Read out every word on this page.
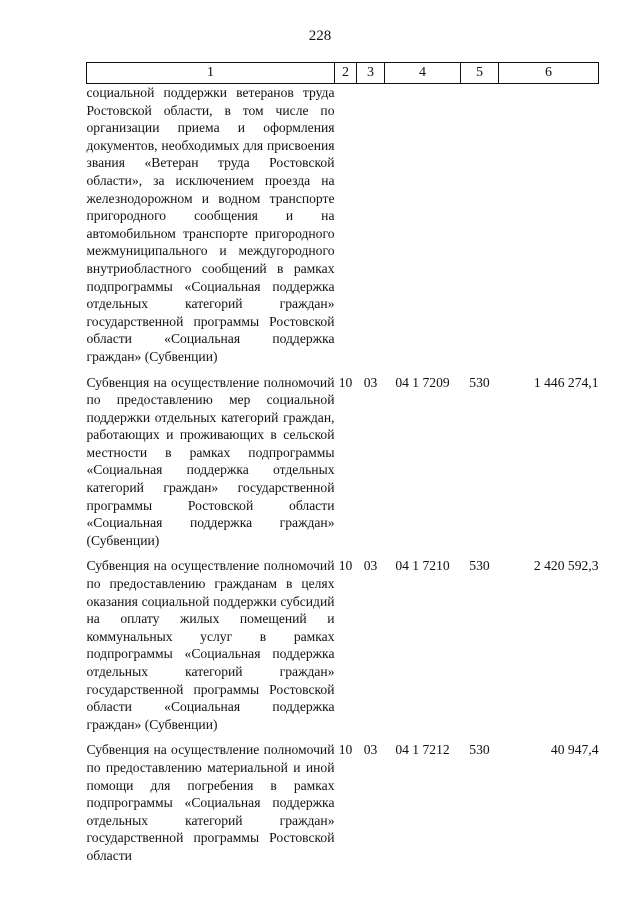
228
1	2	3	4	5	6
социальной поддержки ветеранов труда Ростовской области, в том числе по организации приема и оформления документов, необходимых для присвоения звания «Ветеран труда Ростовской области», за исключением проезда на железнодорожном и водном транспорте пригородного сообщения и на автомобильном транспорте пригородного межмуниципального и междугородного внутриобластного сообщений в рамках подпрограммы «Социальная поддержка отдельных категорий граждан» государственной программы Ростовской области «Социальная поддержка граждан» (Субвенции)					

Субвенция на осуществление полномочий по предоставлению мер социальной поддержки отдельных категорий граждан, работающих и проживающих в сельской местности в рамках подпрограммы «Социальная поддержка отдельных категорий граждан» государственной программы Ростовской области «Социальная поддержка граждан» (Субвенции)	10	03	04 1 7209	530	1 446 274,1

Субвенция на осуществление полномочий по предоставлению гражданам в целях оказания социальной поддержки субсидий на оплату жилых помещений и коммунальных услуг в рамках подпрограммы «Социальная поддержка отдельных категорий граждан» государственной программы Ростовской области «Социальная поддержка граждан» (Субвенции)	10	03	04 1 7210	530	2 420 592,3

Субвенция на осуществление полномочий по предоставлению материальной и иной помощи для погребения в рамках подпрограммы «Социальная поддержка отдельных категорий граждан» государственной программы Ростовской области	10	03	04 1 7212	530	40 947,4
